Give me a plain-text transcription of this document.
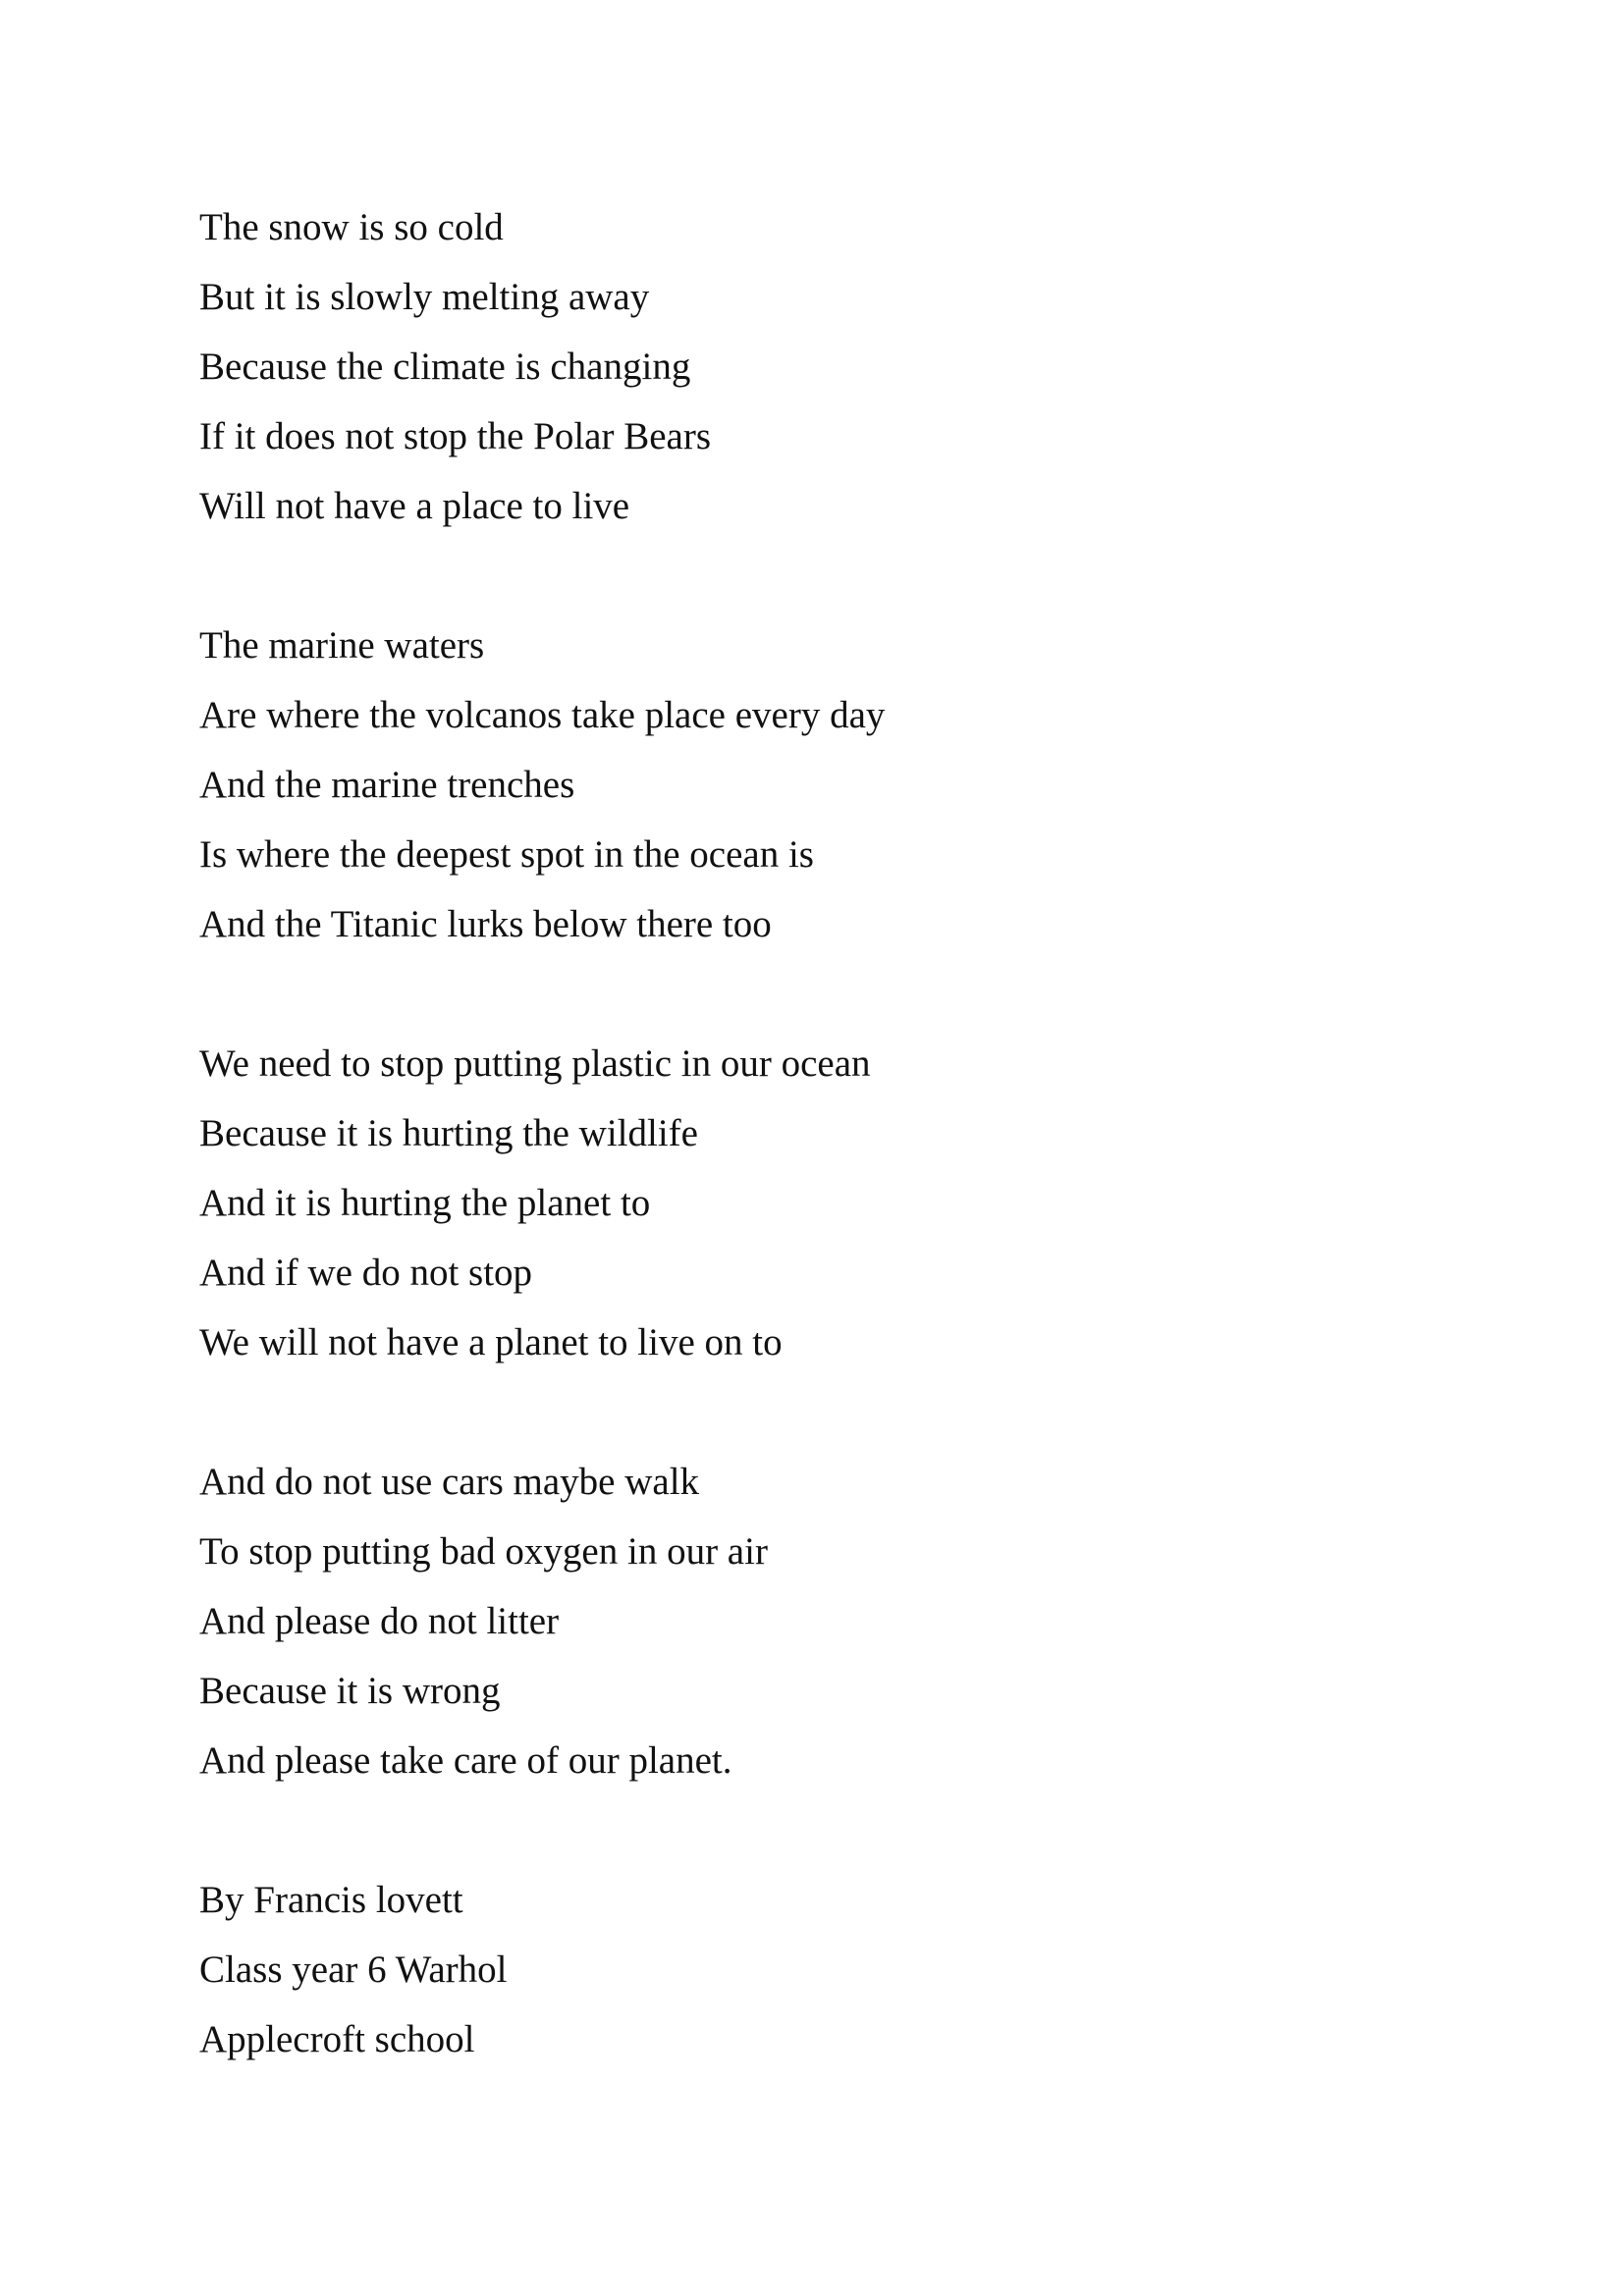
The snow is so cold
But it is slowly melting away
Because the climate is changing
If it does not stop the Polar Bears
Will not have a place to live
The marine waters
Are where the volcanos take place every day
And the marine trenches
Is where the deepest spot in the ocean is
And the Titanic lurks below there too
We need to stop putting plastic in our ocean
Because it is hurting the wildlife
And it is hurting the planet to
And if we do not stop
We will not have a planet to live on to
And do not use cars maybe walk
To stop putting bad oxygen in our air
And please do not litter
Because it is wrong
And please take care of our planet.
By Francis lovett
Class year 6 Warhol
Applecroft school
